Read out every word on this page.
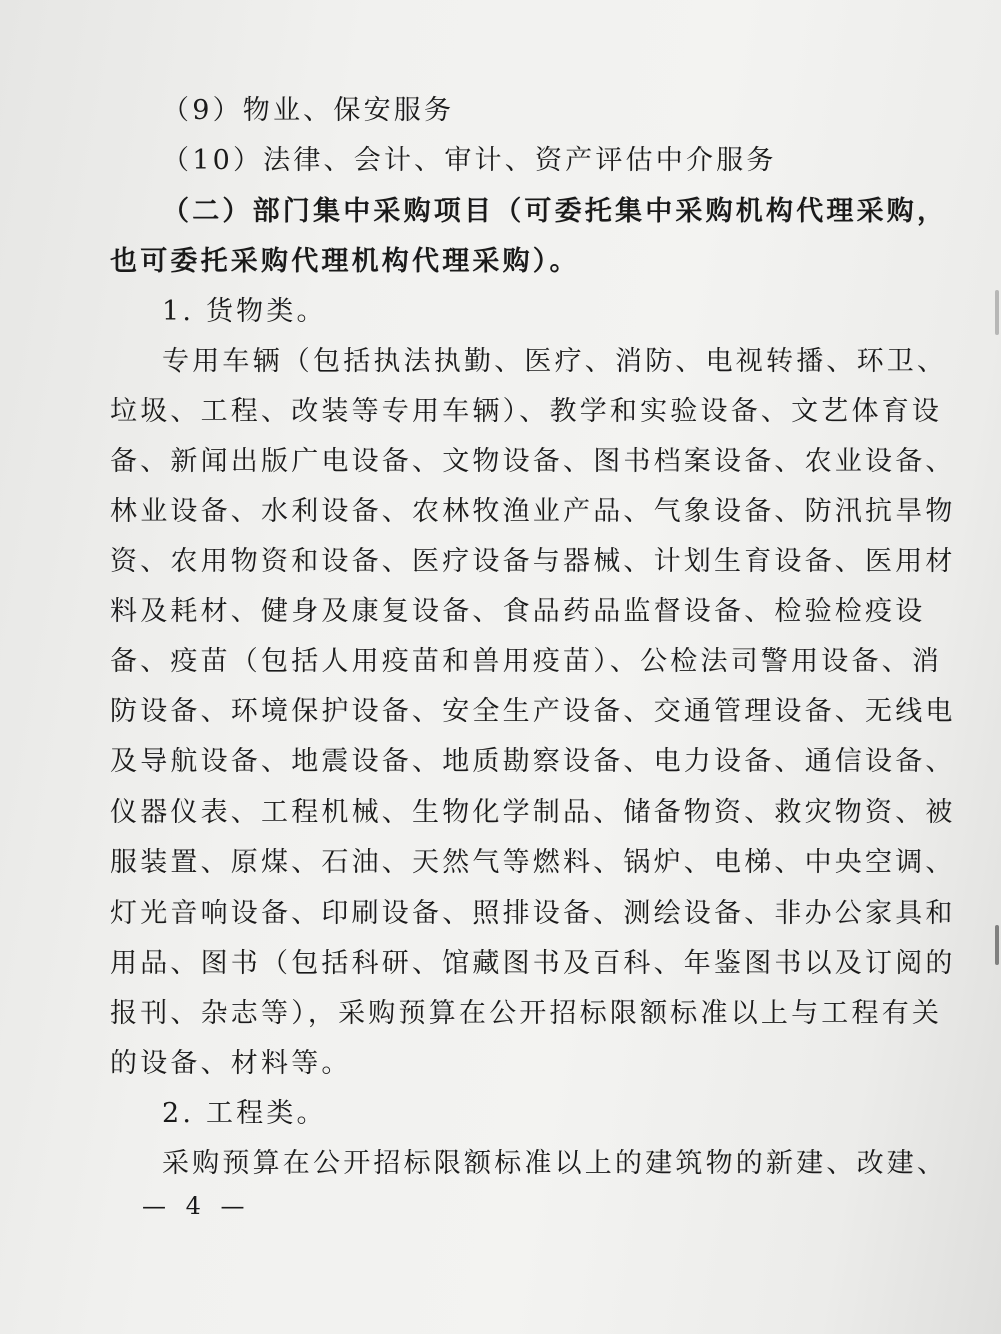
（9）物业、保安服务
（10）法律、会计、审计、资产评估中介服务
（二）部门集中采购项目（可委托集中采购机构代理采购，
也可委托采购代理机构代理采购）。
1. 货物类。
专用车辆（包括执法执勤、医疗、消防、电视转播、环卫、
垃圾、工程、改装等专用车辆）、教学和实验设备、文艺体育设
备、新闻出版广电设备、文物设备、图书档案设备、农业设备、
林业设备、水利设备、农林牧渔业产品、气象设备、防汛抗旱物
资、农用物资和设备、医疗设备与器械、计划生育设备、医用材
料及耗材、健身及康复设备、食品药品监督设备、检验检疫设
备、疫苗（包括人用疫苗和兽用疫苗）、公检法司警用设备、消
防设备、环境保护设备、安全生产设备、交通管理设备、无线电
及导航设备、地震设备、地质勘察设备、电力设备、通信设备、
仪器仪表、工程机械、生物化学制品、储备物资、救灾物资、被
服装置、原煤、石油、天然气等燃料、锅炉、电梯、中央空调、
灯光音响设备、印刷设备、照排设备、测绘设备、非办公家具和
用品、图书（包括科研、馆藏图书及百科、年鉴图书以及订阅的
报刊、杂志等），采购预算在公开招标限额标准以上与工程有关
的设备、材料等。
2. 工程类。
采购预算在公开招标限额标准以上的建筑物的新建、改建、
— 4 —
